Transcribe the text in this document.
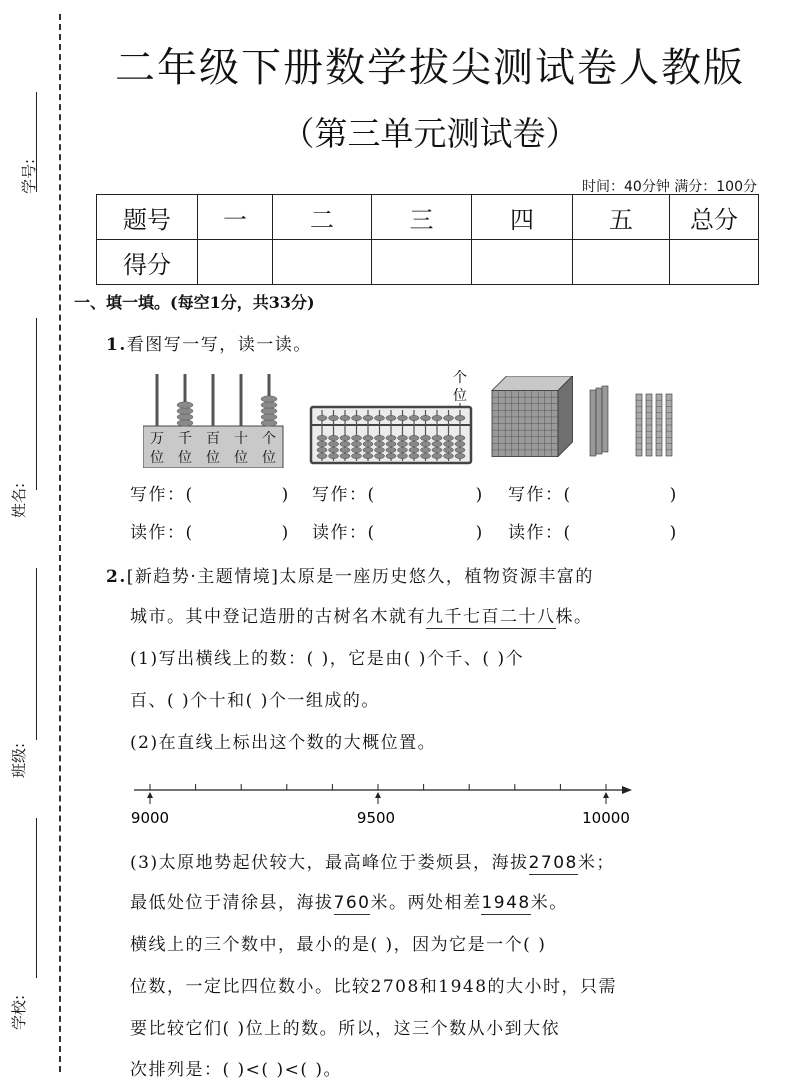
学号:
姓名:
班级:
学校:
二年级下册数学拔尖测试卷人教版
（第三单元测试卷）
时间：40分钟 满分：100分
题号	一	二	三	四	五	总分
得分						
一、填一填。(每空1分，共33分)
1.看图写一写，读一读。
万
位
千
位
百
位
十
位
个
位
个
位
写作：(	) 写作：(	) 写作：(	)
读作：(	) 读作：(	) 读作：(	)
2.[新趋势·主题情境]太原是一座历史悠久，植物资源丰富的
城市。其中登记造册的古树名木就有九千七百二十八株。
(1)写出横线上的数：( )，它是由( )个千、( )个
百、( )个十和( )个一组成的。
(2)在直线上标出这个数的大概位置。
9000	9500	10000
(3)太原地势起伏较大，最高峰位于娄烦县，海拔2708米；
最低处位于清徐县，海拔760米。两处相差1948米。
横线上的三个数中，最小的是( )，因为它是一个( )
位数，一定比四位数小。比较2708和1948的大小时，只需
要比较它们( )位上的数。所以，这三个数从小到大依
次排列是：( )<( )<( )。
